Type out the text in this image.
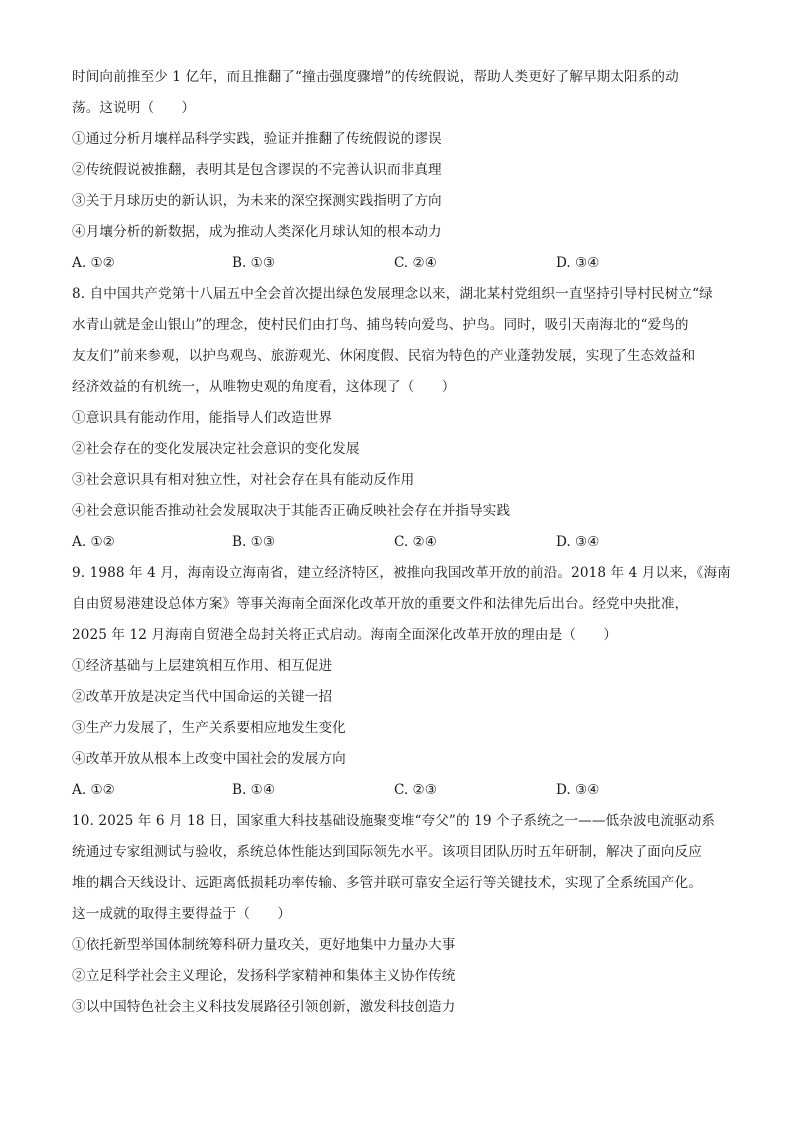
时间向前推至少 1 亿年，而且推翻了“撞击强度骤增”的传统假说，帮助人类更好了解早期太阳系的动
荡。这说明（　　）
①通过分析月壤样品科学实践，验证并推翻了传统假说的谬误
②传统假说被推翻，表明其是包含谬误的不完善认识而非真理
③关于月球历史的新认识，为未来的深空探测实践指明了方向
④月壤分析的新数据，成为推动人类深化月球认知的根本动力
A. ①②	B. ①③	C. ②④	D. ③④
8. 自中国共产党第十八届五中全会首次提出绿色发展理念以来，湖北某村党组织一直坚持引导村民树立“绿
水青山就是金山银山”的理念，使村民们由打鸟、捕鸟转向爱鸟、护鸟。同时，吸引天南海北的“爱鸟的
友友们”前来参观，以护鸟观鸟、旅游观光、休闲度假、民宿为特色的产业蓬勃发展，实现了生态效益和
经济效益的有机统一，从唯物史观的角度看，这体现了（　　）
①意识具有能动作用，能指导人们改造世界
②社会存在的变化发展决定社会意识的变化发展
③社会意识具有相对独立性，对社会存在具有能动反作用
④社会意识能否推动社会发展取决于其能否正确反映社会存在并指导实践
A. ①②	B. ①③	C. ②④	D. ③④
9. 1988 年 4 月，海南设立海南省，建立经济特区，被推向我国改革开放的前沿。2018 年 4 月以来，《海南
自由贸易港建设总体方案》等事关海南全面深化改革开放的重要文件和法律先后出台。经党中央批准，
2025 年 12 月海南自贸港全岛封关将正式启动。海南全面深化改革开放的理由是（　　）
①经济基础与上层建筑相互作用、相互促进
②改革开放是决定当代中国命运的关键一招
③生产力发展了，生产关系要相应地发生变化
④改革开放从根本上改变中国社会的发展方向
A. ①②	B. ①④	C. ②③	D. ③④
10. 2025 年 6 月 18 日，国家重大科技基础设施聚变堆“夸父”的 19 个子系统之一——低杂波电流驱动系
统通过专家组测试与验收，系统总体性能达到国际领先水平。该项目团队历时五年研制，解决了面向反应
堆的耦合天线设计、远距离低损耗功率传输、多管并联可靠安全运行等关键技术，实现了全系统国产化。
这一成就的取得主要得益于（　　）
①依托新型举国体制统筹科研力量攻关，更好地集中力量办大事
②立足科学社会主义理论，发扬科学家精神和集体主义协作传统
③以中国特色社会主义科技发展路径引领创新，激发科技创造力
